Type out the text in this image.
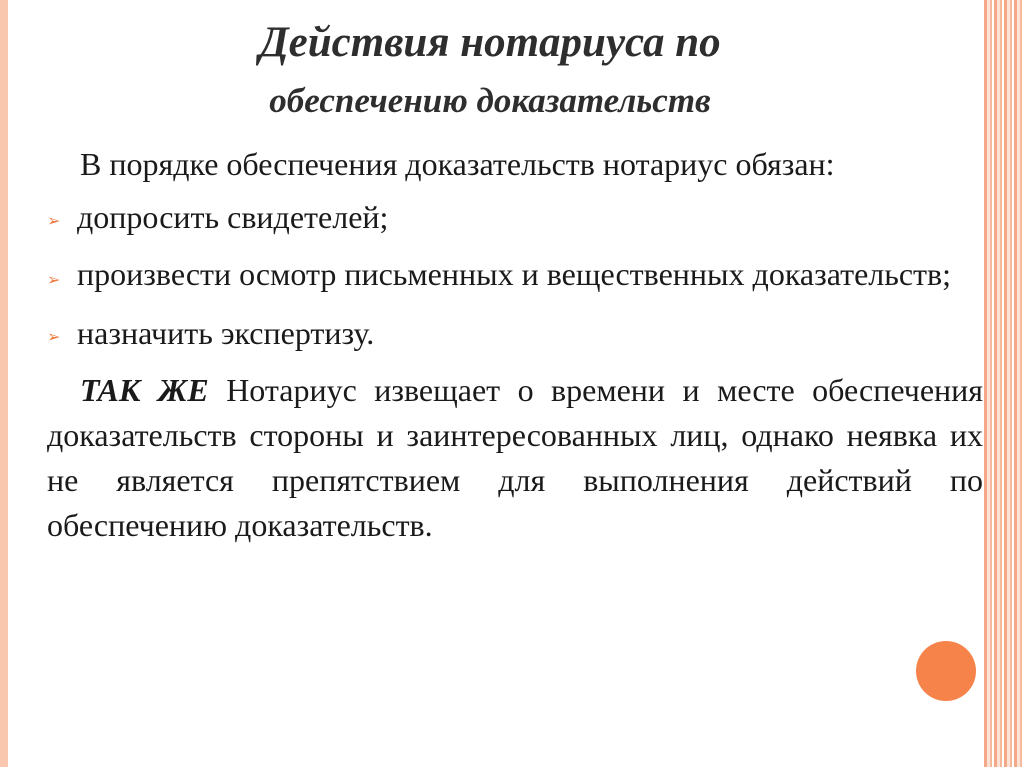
Действия нотариуса по
обеспечению доказательств

В порядке обеспечения доказательств нотариус обязан:

➢ допросить свидетелей;
➢ произвести осмотр письменных и вещественных доказательств;
➢ назначить экспертизу.

ТАК ЖЕ Нотариус извещает о времени и месте обеспечения доказательств стороны и заинтересованных лиц, однако неявка их не является препятствием для выполнения действий по обеспечению доказательств.
